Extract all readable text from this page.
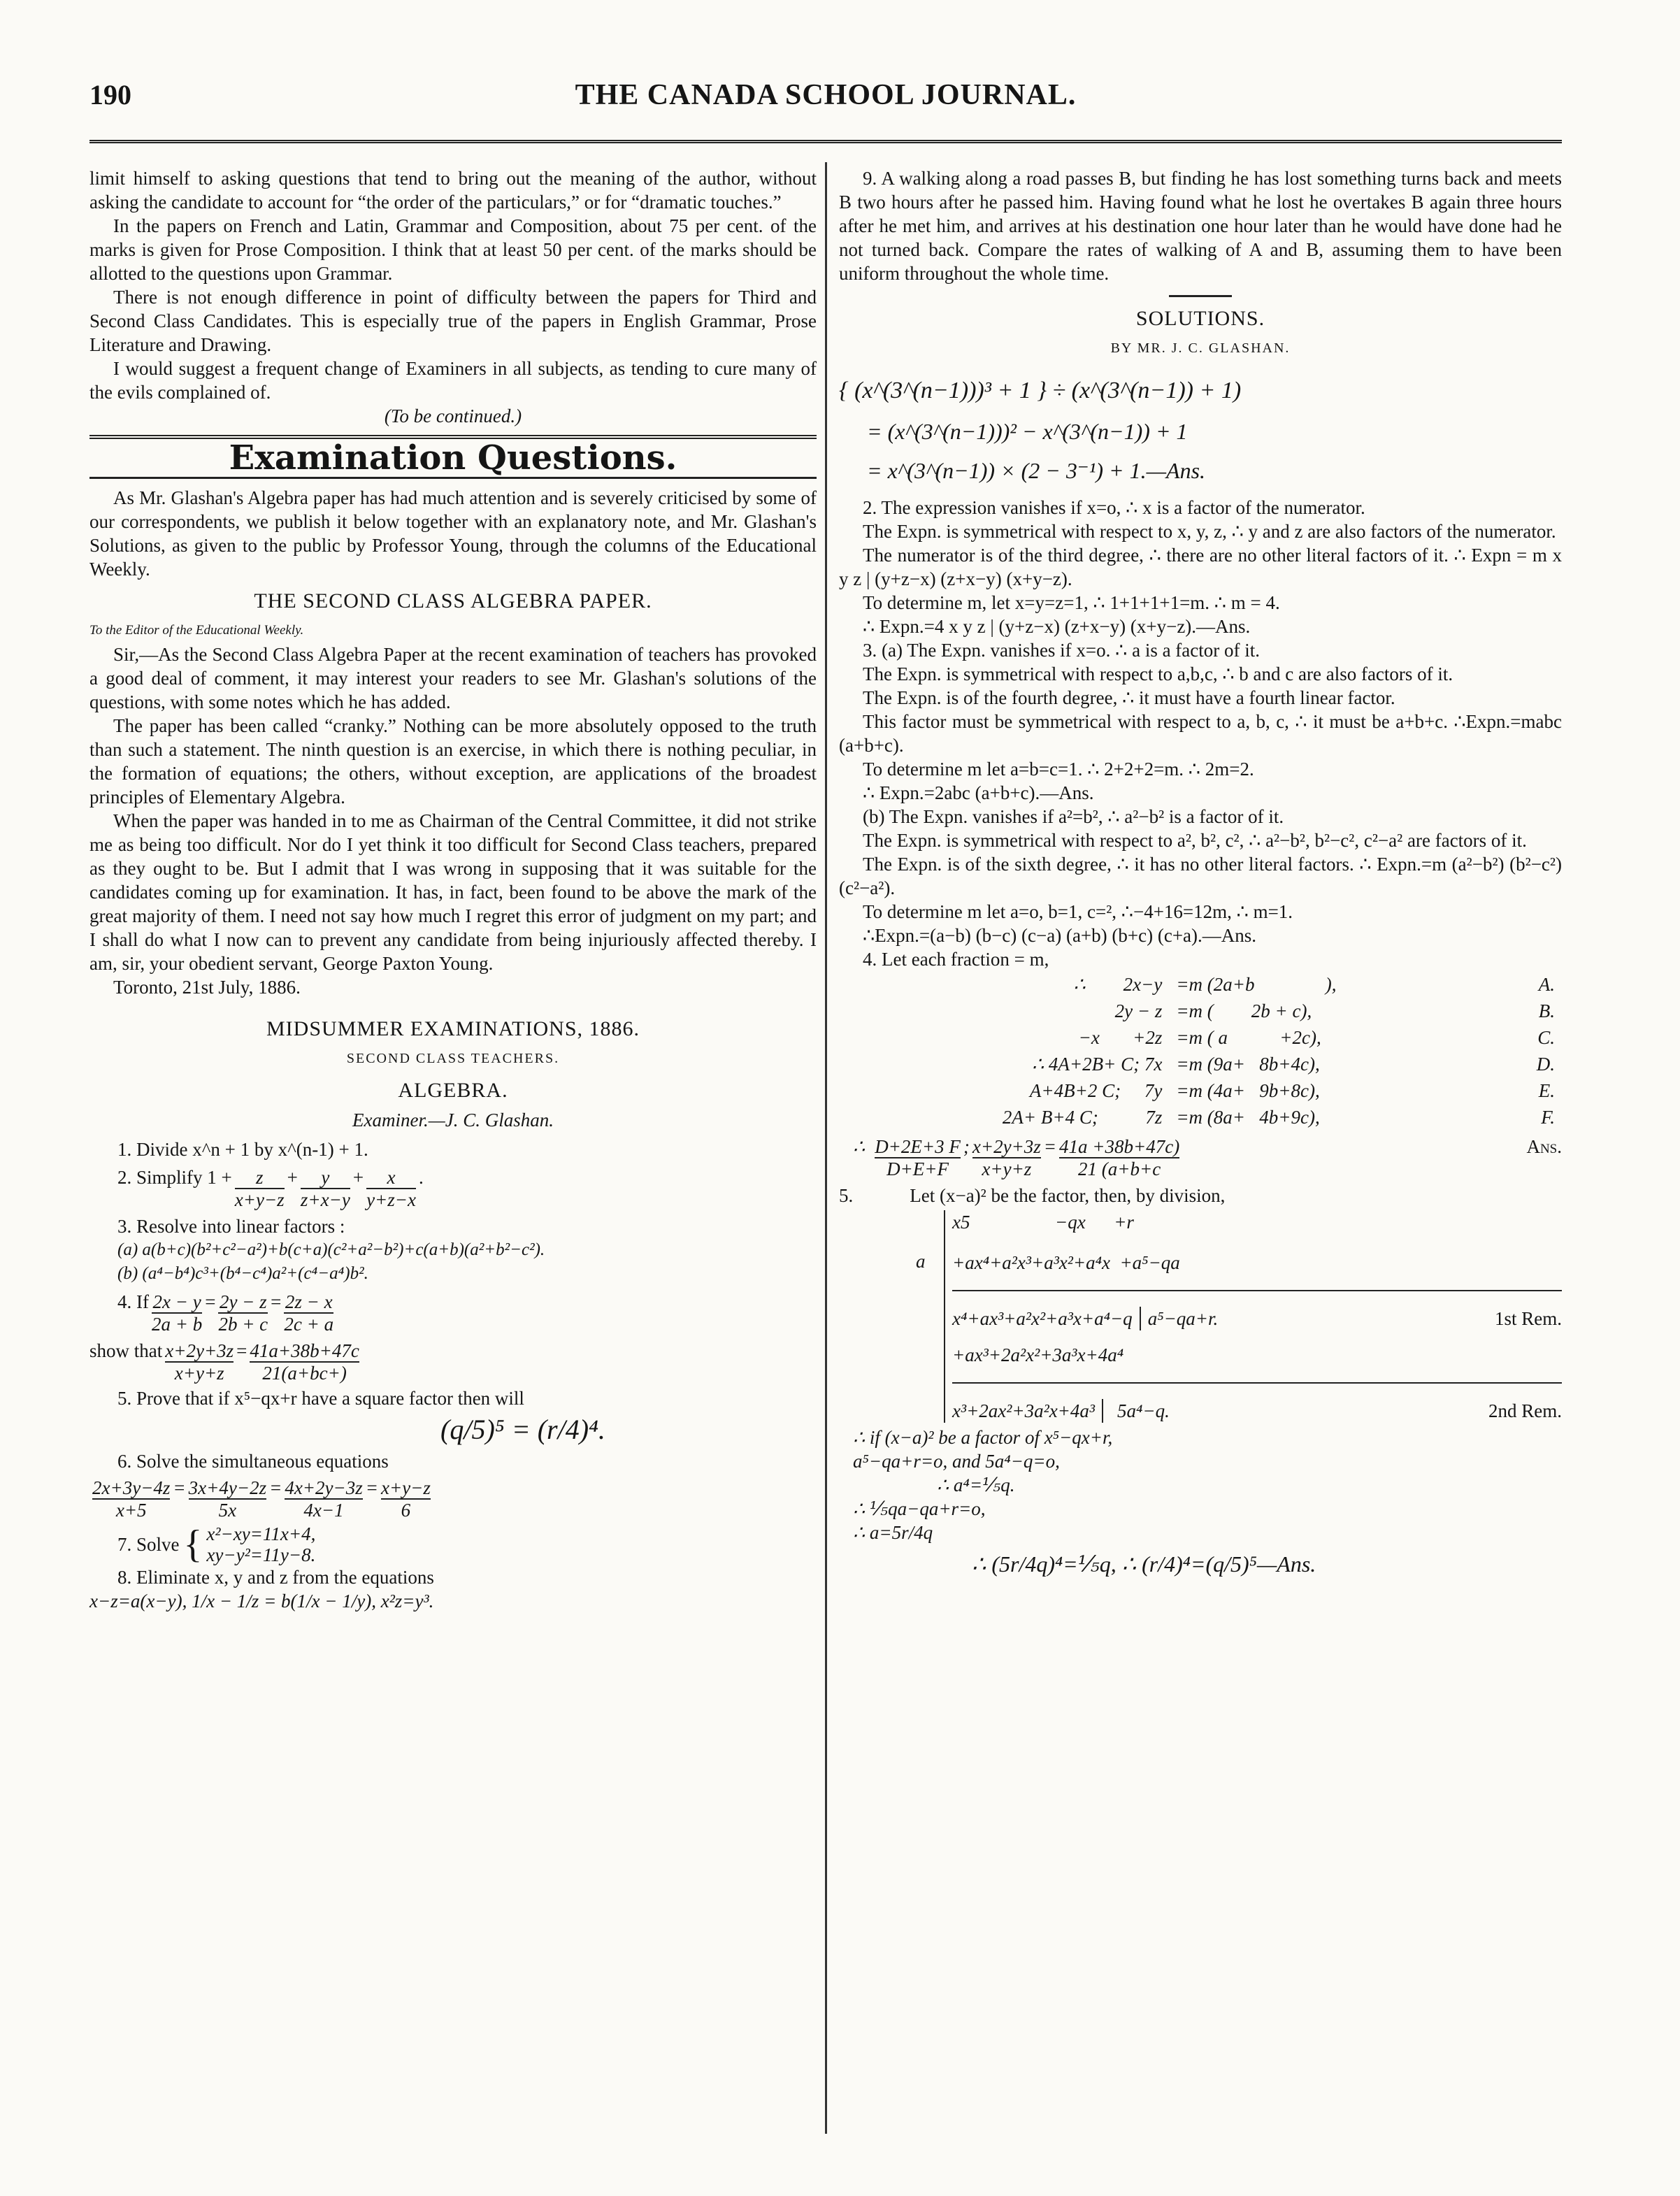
190	THE CANADA SCHOOL JOURNAL.

limit himself to asking questions that tend to bring out the meaning of the author, without asking the candidate to account for “the order of the particulars,” or for “dramatic touches.”

In the papers on French and Latin, Grammar and Composition, about 75 per cent. of the marks is given for Prose Composition. I think that at least 50 per cent. of the marks should be allotted to the questions upon Grammar.

There is not enough difference in point of difficulty between the papers for Third and Second Class Candidates. This is especially true of the papers in English Grammar, Prose Literature and Drawing.

I would suggest a frequent change of Examiners in all subjects, as tending to cure many of the evils complained of.

(To be continued.)

Examination Questions.

As Mr. Glashan's Algebra paper has had much attention and is severely criticised by some of our correspondents, we publish it below together with an explanatory note, and Mr. Glashan's Solutions, as given to the public by Professor Young, through the columns of the Educational Weekly.

THE SECOND CLASS ALGEBRA PAPER.

To the Editor of the Educational Weekly.

Sir,—As the Second Class Algebra Paper at the recent examination of teachers has provoked a good deal of comment, it may interest your readers to see Mr. Glashan's solutions of the questions, with some notes which he has added.

The paper has been called “cranky.” Nothing can be more absolutely opposed to the truth than such a statement. The ninth question is an exercise, in which there is nothing peculiar, in the formation of equations; the others, without exception, are applications of the broadest principles of Elementary Algebra.

When the paper was handed in to me as Chairman of the Central Committee, it did not strike me as being too difficult. Nor do I yet think it too difficult for Second Class teachers, prepared as they ought to be. But I admit that I was wrong in supposing that it was suitable for the candidates coming up for examination. It has, in fact, been found to be above the mark of the great majority of them. I need not say how much I regret this error of judgment on my part; and I shall do what I now can to prevent any candidate from being injuriously affected thereby. I am, sir, your obedient servant, George Paxton Young.

Toronto, 21st July, 1886.

MIDSUMMER EXAMINATIONS, 1886.
SECOND CLASS TEACHERS.
ALGEBRA.

Examiner.—J. C. Glashan.

1. Divide x^n + 1 by x^(n-1) + 1.

2. Simplify $1 + \frac{z}{x+y-z} + \frac{y}{z+x-y} + \frac{x}{y+z-x}$ .

3. Resolve into linear factors :

(a) a(b+c)(b²+c²−a²)+b(c+a)(c²+a²−b²)+c(a+b)(a²+b²−c²).

(b) (a⁴−b⁴)c³+(b⁴−c⁴)a²+(c⁴−a⁴)b².

4. If $\frac{2x - y}{2a + b} = \frac{2y - z}{2b + c} = \frac{2z - x}{2c + a}$
show that $\frac{x+2y+3z}{x+y+z} = \frac{41a+38b+47c}{21(a+bc+)}$

5. Prove that if x⁵−qx+r have a square factor then will

(q/5)⁵ = (r/4)⁴.

6. Solve the simultaneous equations

$\frac{2x+3y-4z}{x+5} = \frac{3x+4y-2z}{5x} = \frac{4x+2y-3z}{4x-1} = \frac{x+y-z}{6}$
7. Solve { x²−xy=11x+4,
xy−y²=11y−8.

8. Eliminate x, y and z from the equations

x−z=a(x−y), 1/x − 1/z = b(1/x − 1/y), x²z=y³.

9. A walking along a road passes B, but finding he has lost something turns back and meets B two hours after he passed him. Having found what he lost he overtakes B again three hours after he met him, and arrives at his destination one hour later than he would have done had he not turned back. Compare the rates of walking of A and B, assuming them to have been uniform throughout the whole time.

SOLUTIONS.
BY MR. J. C. GLASHAN.

{ (x^(3^(n−1)))³ + 1 } ÷ (x^(3^(n−1)) + 1)

= (x^(3^(n−1)))² − x^(3^(n−1)) + 1

= x^(3^(n−1)) × (2 − 3⁻¹) + 1.—Ans.

2. The expression vanishes if x=o, ∴ x is a factor of the numerator.

The Expn. is symmetrical with respect to x, y, z, ∴ y and z are also factors of the numerator.

The numerator is of the third degree, ∴ there are no other literal factors of it. ∴ Expn = m x y z | (y+z−x) (z+x−y) (x+y−z).

To determine m, let x=y=z=1, ∴ 1+1+1+1=m. ∴ m = 4.

∴ Expn.=4 x y z | (y+z−x) (z+x−y) (x+y−z).—Ans.

3. (a) The Expn. vanishes if x=o. ∴ a is a factor of it.

The Expn. is symmetrical with respect to a,b,c, ∴ b and c are also factors of it.

The Expn. is of the fourth degree, ∴ it must have a fourth linear factor.

This factor must be symmetrical with respect to a, b, c, ∴ it must be a+b+c. ∴Expn.=mabc (a+b+c).

To determine m let a=b=c=1. ∴ 2+2+2=m. ∴ 2m=2.

∴ Expn.=2abc (a+b+c).—Ans.

(b) The Expn. vanishes if a²=b², ∴ a²−b² is a factor of it.

The Expn. is symmetrical with respect to a², b², c², ∴ a²−b², b²−c², c²−a² are factors of it.

The Expn. is of the sixth degree, ∴ it has no other literal factors. ∴ Expn.=m (a²−b²) (b²−c²) (c²−a²).

To determine m let a=o, b=1, c=², ∴−4+16=12m, ∴ m=1.

∴Expn.=(a−b) (b−c) (c−a) (a+b) (b+c) (c+a).—Ans.

4. Let each fraction = m,

∴        2x−y	=m (2a+b               ),	A.
2y − z	=m (        2b + c),	B.
−x       +2z	=m ( a           +2c),	C.
∴ 4A+2B+ C; 7x	=m (9a+   8b+4c),	D.
A+4B+2 C;     7y	=m (4a+   9b+8c),	E.
2A+ B+4 C;          7z	=m (8a+   4b+9c),	F.
∴ $\frac{D+2E+3 F}{D+E+F}$ ; $\frac{x+2y+3z}{x+y+z} = \frac{41a +38b+47c)}{21 (a+b+c}$	Ans.

5.            Let (x−a)² be the factor, then, by division,

a
x5                  −qx      +r
+ax⁴+a²x³+a³x²+a⁴x  +a⁵−qa
x⁴+ax³+a²x²+a³x+a⁴−q a⁵−qa+r.	1st Rem.
+ax³+2a²x²+3a³x+4a⁴
x³+2ax²+3a²x+4a³	5a⁴−q.	2nd Rem.
∴ if (x−a)² be a factor of x⁵−qx+r,
a⁵−qa+r=o, and 5a⁴−q=o,
∴ a⁴=⅕q.
∴ ⅕qa−qa+r=o,
∴ a=5r/4q
∴ (5r/4q)⁴=⅕q, ∴ (r/4)⁴=(q/5)⁵—Ans.
